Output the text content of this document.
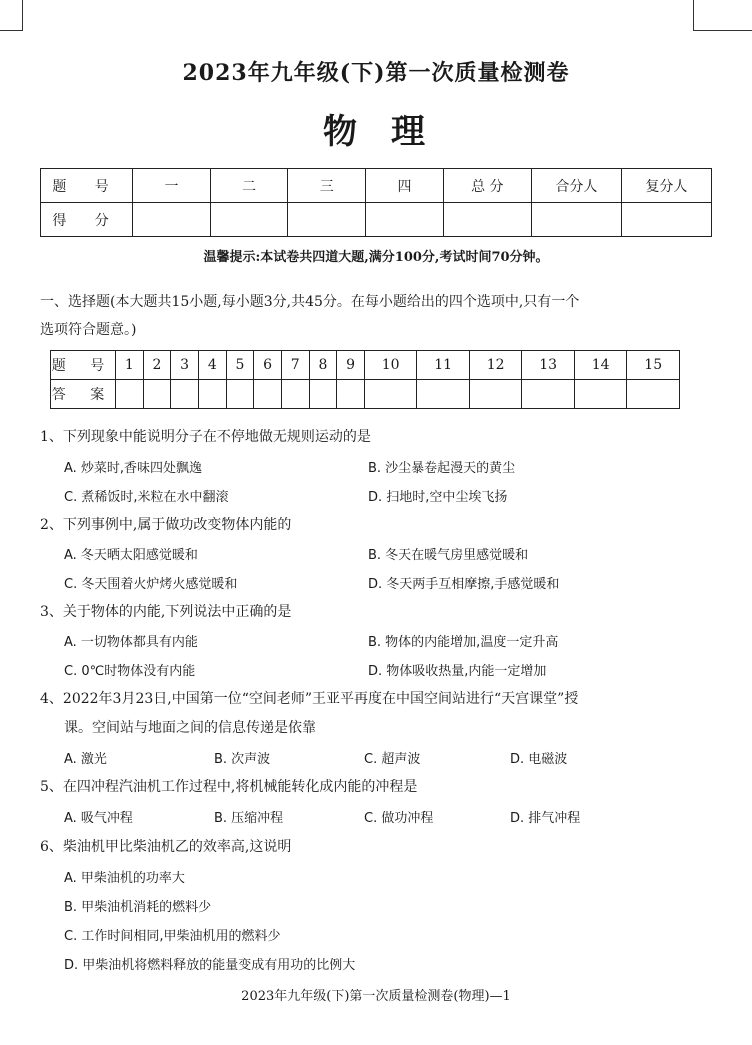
2023年九年级(下)第一次质量检测卷
物理
题 号	一	二	三	四	总 分	合分人	复分人
得 分							
温馨提示:本试卷共四道大题,满分100分,考试时间70分钟。
一、选择题(本大题共15小题,每小题3分,共45分。在每小题给出的四个选项中,只有一个
选项符合题意。)
题 号	1	2	3	4	5	6	7	8	9	10	11	12	13	14	15
答 案															
1、下列现象中能说明分子在不停地做无规则运动的是
A. 炒菜时,香味四处飘逸	B. 沙尘暴卷起漫天的黄尘
C. 煮稀饭时,米粒在水中翻滚	D. 扫地时,空中尘埃飞扬
2、下列事例中,属于做功改变物体内能的
A. 冬天晒太阳感觉暖和	B. 冬天在暖气房里感觉暖和
C. 冬天围着火炉烤火感觉暖和	D. 冬天两手互相摩擦,手感觉暖和
3、关于物体的内能,下列说法中正确的是
A. 一切物体都具有内能	B. 物体的内能增加,温度一定升高
C. 0℃时物体没有内能	D. 物体吸收热量,内能一定增加
4、2022年3月23日,中国第一位“空间老师”王亚平再度在中国空间站进行“天宫课堂”授
课。空间站与地面之间的信息传递是依靠
A. 激光	B. 次声波	C. 超声波	D. 电磁波
5、在四冲程汽油机工作过程中,将机械能转化成内能的冲程是
A. 吸气冲程	B. 压缩冲程	C. 做功冲程	D. 排气冲程
6、柴油机甲比柴油机乙的效率高,这说明
A. 甲柴油机的功率大
B. 甲柴油机消耗的燃料少
C. 工作时间相同,甲柴油机用的燃料少
D. 甲柴油机将燃料释放的能量变成有用功的比例大
2023年九年级(下)第一次质量检测卷(物理)—1
